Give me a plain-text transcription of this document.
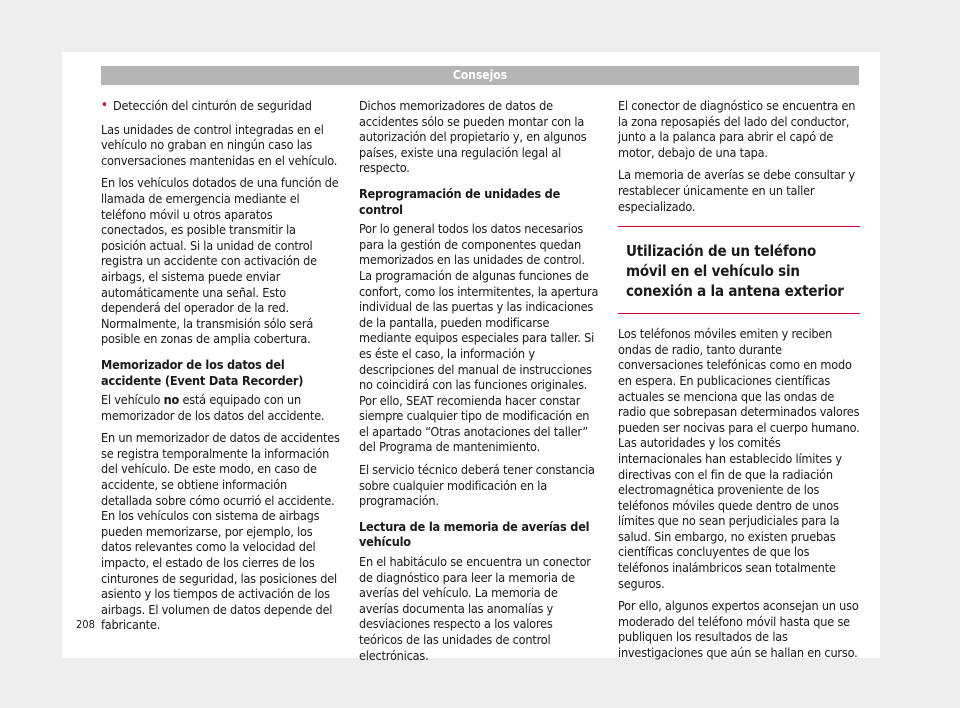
Consejos
• Detección del cinturón de seguridad

Las unidades de control integradas en el vehículo no graban en ningún caso las conversaciones mantenidas en el vehículo.

En los vehículos dotados de una función de llamada de emergencia mediante el teléfono móvil u otros aparatos conectados, es posible transmitir la posición actual. Si la unidad de control registra un accidente con activación de airbags, el sistema puede enviar automáticamente una señal. Esto dependerá del operador de la red. Normalmente, la transmisión sólo será posible en zonas de amplia cobertura.

Memorizador de los datos del accidente (Event Data Recorder)

El vehículo no está equipado con un memorizador de los datos del accidente.

En un memorizador de datos de accidentes se registra temporalmente la información del vehículo. De este modo, en caso de accidente, se obtiene información detallada sobre cómo ocurrió el accidente. En los vehículos con sistema de airbags pueden memorizarse, por ejemplo, los datos relevantes como la velocidad del impacto, el estado de los cierres de los cinturones de seguridad, las posiciones del asiento y los tiempos de activación de los airbags. El volumen de datos depende del fabricante.

Dichos memorizadores de datos de accidentes sólo se pueden montar con la autorización del propietario y, en algunos países, existe una regulación legal al respecto.

Reprogramación de unidades de control

Por lo general todos los datos necesarios para la gestión de componentes quedan memorizados en las unidades de control. La programación de algunas funciones de confort, como los intermitentes, la apertura individual de las puertas y las indicaciones de la pantalla, pueden modificarse mediante equipos especiales para taller. Si es éste el caso, la información y descripciones del manual de instrucciones no coincidirá con las funciones originales. Por ello, SEAT recomienda hacer constar siempre cualquier tipo de modificación en el apartado “Otras anotaciones del taller” del Programa de mantenimiento.

El servicio técnico deberá tener constancia sobre cualquier modificación en la programación.

Lectura de la memoria de averías del vehículo

En el habitáculo se encuentra un conector de diagnóstico para leer la memoria de averías del vehículo. La memoria de averías documenta las anomalías y desviaciones respecto a los valores teóricos de las unidades de control electrónicas.

El conector de diagnóstico se encuentra en la zona reposapiés del lado del conductor, junto a la palanca para abrir el capó de motor, debajo de una tapa.

La memoria de averías se debe consultar y restablecer únicamente en un taller especializado.

Utilización de un teléfono móvil en el vehículo sin conexión a la antena exterior

Los teléfonos móviles emiten y reciben ondas de radio, tanto durante conversaciones telefónicas como en modo en espera. En publicaciones científicas actuales se menciona que las ondas de radio que sobrepasan determinados valores pueden ser nocivas para el cuerpo humano. Las autoridades y los comités internacionales han establecido límites y directivas con el fin de que la radiación electromagnética proveniente de los teléfonos móviles quede dentro de unos límites que no sean perjudiciales para la salud. Sin embargo, no existen pruebas científicas concluyentes de que los teléfonos inalámbricos sean totalmente seguros.

Por ello, algunos expertos aconsejan un uso moderado del teléfono móvil hasta que se publiquen los resultados de las investigaciones que aún se hallan en curso.

208
